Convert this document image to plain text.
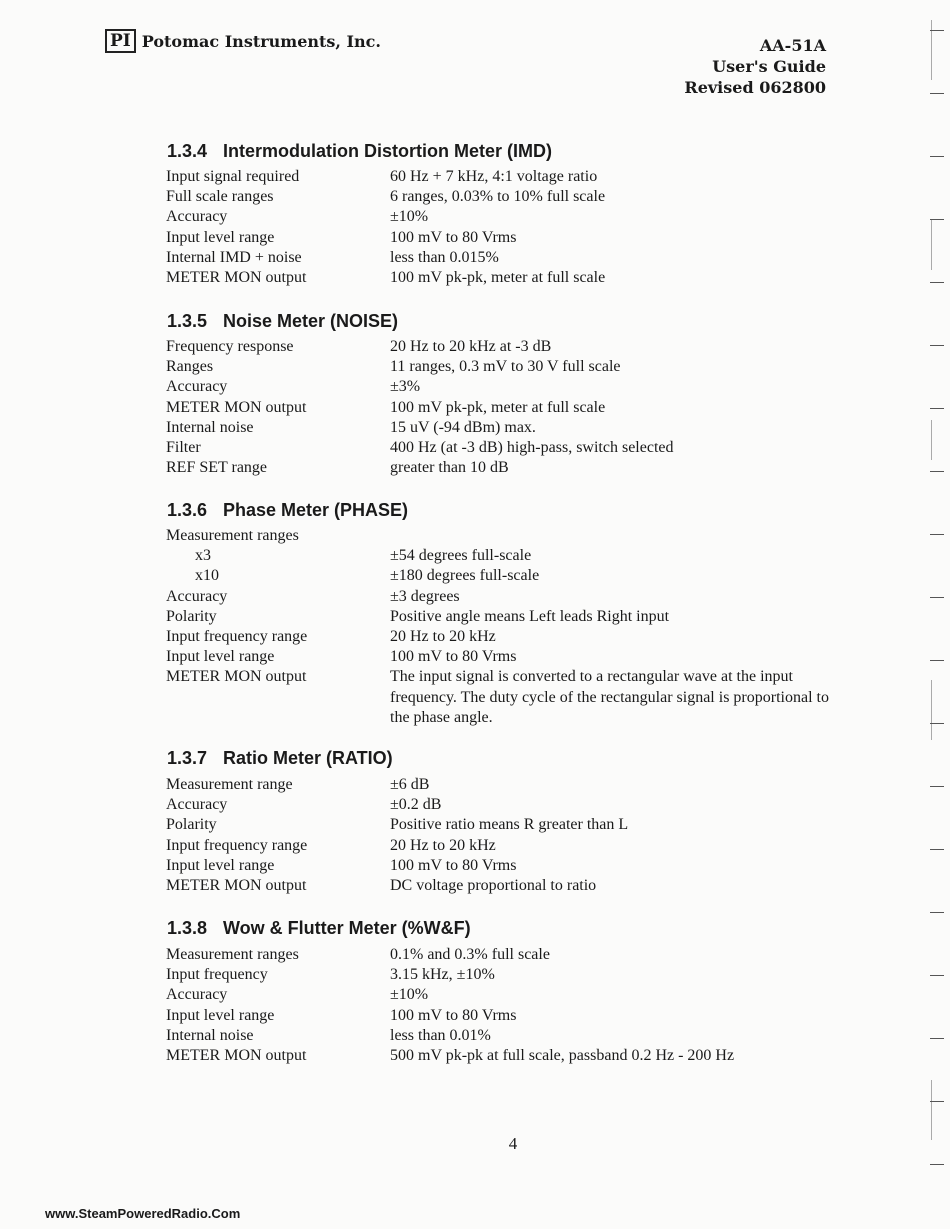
PI Potomac Instruments, Inc.	AA-51A
User's Guide
Revised 062800
1.3.4 Intermodulation Distortion Meter (IMD)
Input signal required	60 Hz + 7 kHz, 4:1 voltage ratio
Full scale ranges	6 ranges, 0.03% to 10% full scale
Accuracy	±10%
Input level range	100 mV to 80 Vrms
Internal IMD + noise	less than 0.015%
METER MON output	100 mV pk-pk, meter at full scale
1.3.5 Noise Meter (NOISE)
Frequency response	20 Hz to 20 kHz at -3 dB
Ranges	11 ranges, 0.3 mV to 30 V full scale
Accuracy	±3%
METER MON output	100 mV pk-pk, meter at full scale
Internal noise	15 uV (-94 dBm) max.
Filter	400 Hz (at -3 dB) high-pass, switch selected
REF SET range	greater than 10 dB
1.3.6 Phase Meter (PHASE)
Measurement ranges
x3	±54 degrees full-scale
x10	±180 degrees full-scale
Accuracy	±3 degrees
Polarity	Positive angle means Left leads Right input
Input frequency range	20 Hz to 20 kHz
Input level range	100 mV to 80 Vrms
METER MON output	The input signal is converted to a rectangular wave at the input frequency. The duty cycle of the rectangular signal is proportional to the phase angle.
1.3.7 Ratio Meter (RATIO)
Measurement range	±6 dB
Accuracy	±0.2 dB
Polarity	Positive ratio means R greater than L
Input frequency range	20 Hz to 20 kHz
Input level range	100 mV to 80 Vrms
METER MON output	DC voltage proportional to ratio
1.3.8 Wow & Flutter Meter (%W&F)
Measurement ranges	0.1% and 0.3% full scale
Input frequency	3.15 kHz, ±10%
Accuracy	±10%
Input level range	100 mV to 80 Vrms
Internal noise	less than 0.01%
METER MON output	500 mV pk-pk at full scale, passband 0.2 Hz - 200 Hz
4
www.SteamPoweredRadio.Com
